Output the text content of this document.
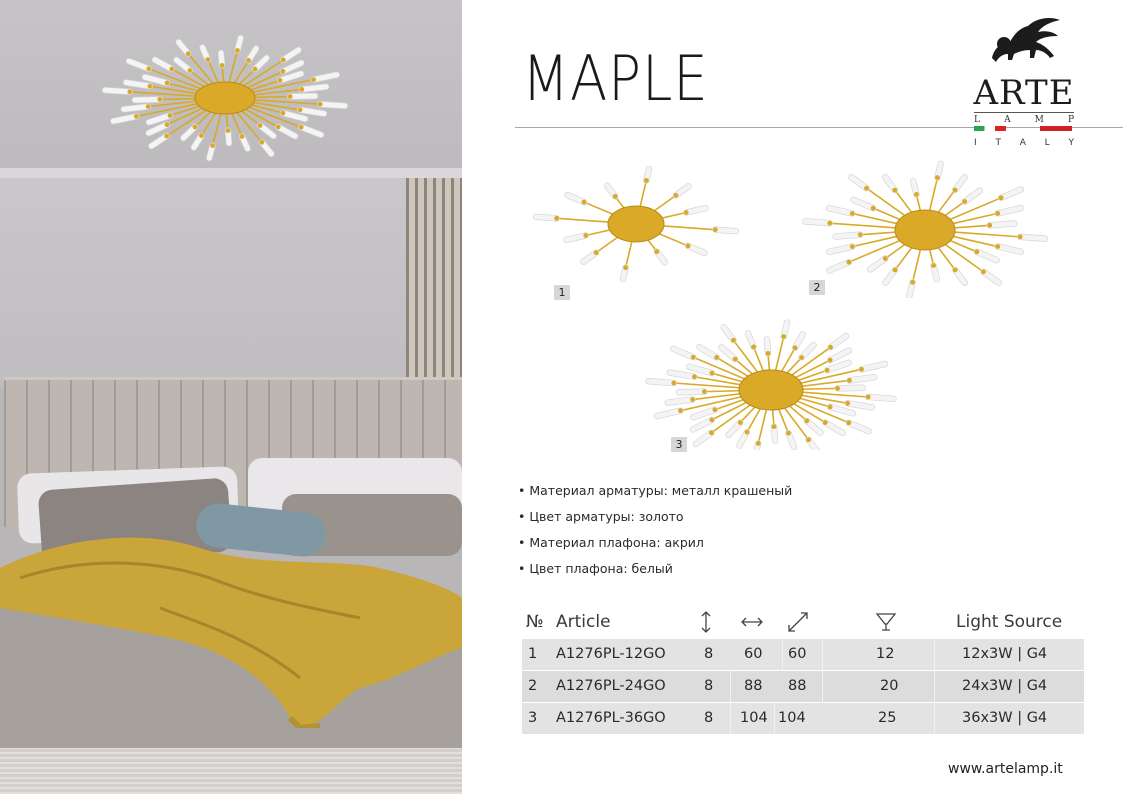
MAPLE	ARTE
L	A	M	P
I T A L Y
1	2
3
• Материал арматуры: металл крашеный
• Цвет арматуры: золото
• Материал плафона: акрил
• Цвет плафона: белый
№ Article	Light Source
1 A1276PL-12GO	8 60 60	12	12x3W | G4
2 A1276PL-24GO	8 88 88	20	24x3W | G4
3 A1276PL-36GO	8 104 104	25	36x3W | G4
www.artelamp.it
